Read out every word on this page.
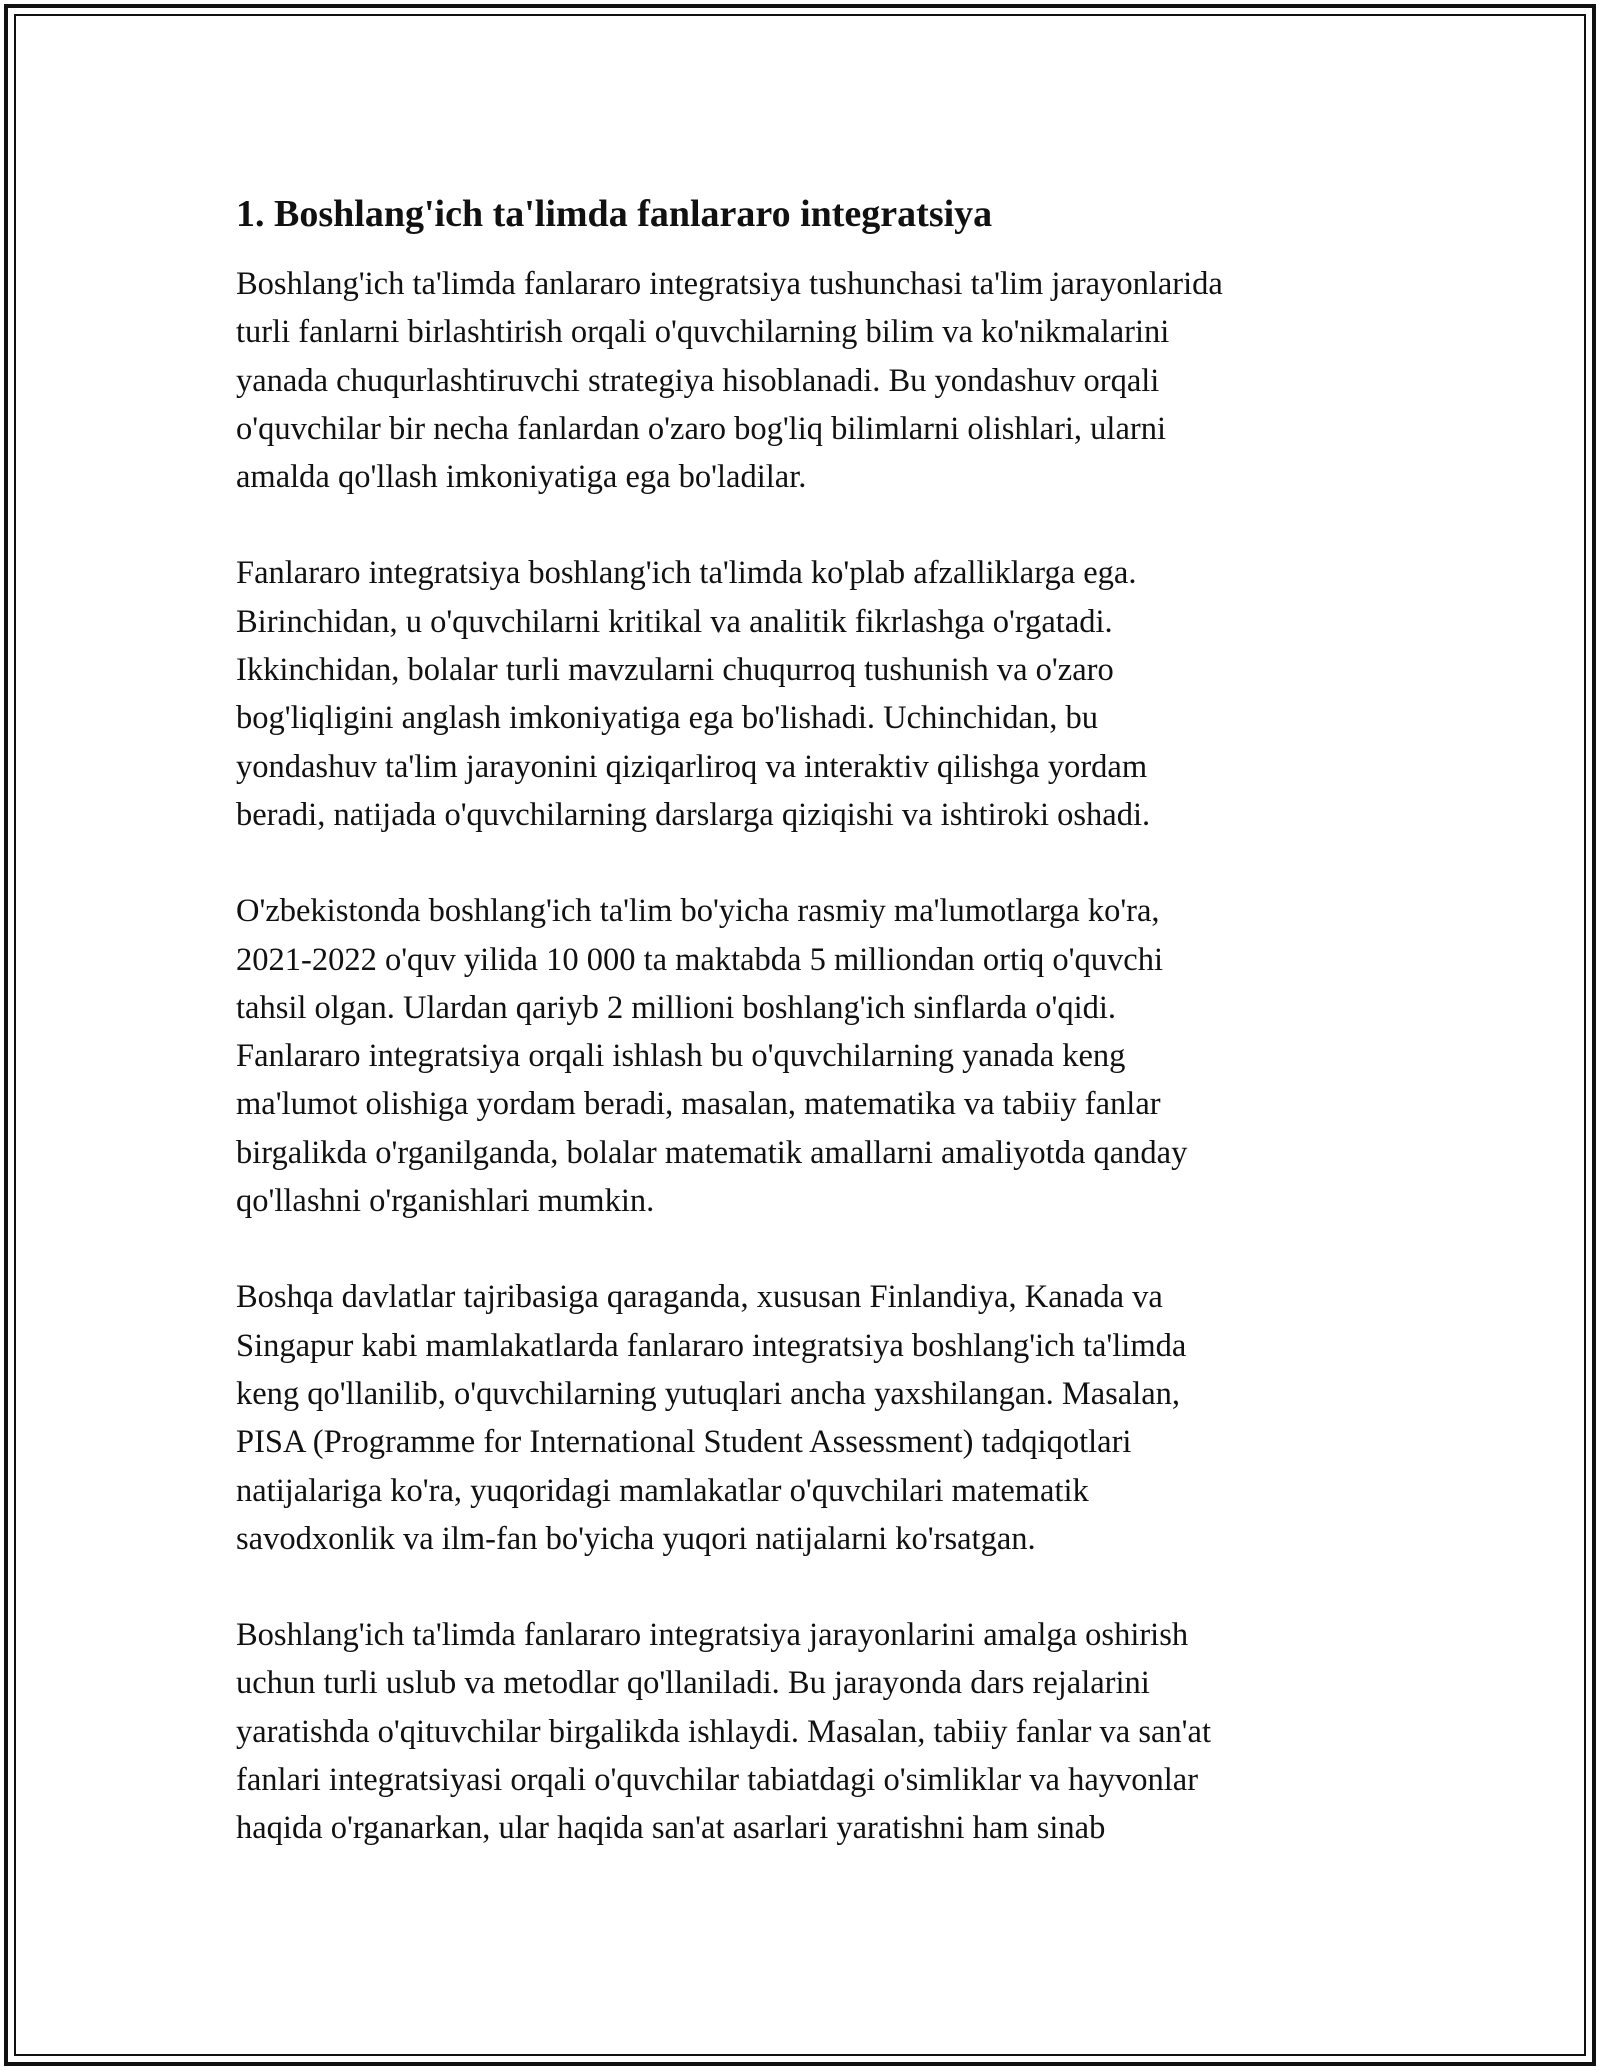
1. Boshlang'ich ta'limda fanlararo integratsiya

Boshlang'ich ta'limda fanlararo integratsiya tushunchasi ta'lim jarayonlarida
turli fanlarni birlashtirish orqali o'quvchilarning bilim va ko'nikmalarini
yanada chuqurlashtiruvchi strategiya hisoblanadi. Bu yondashuv orqali
o'quvchilar bir necha fanlardan o'zaro bog'liq bilimlarni olishlari, ularni
amalda qo'llash imkoniyatiga ega bo'ladilar.

Fanlararo integratsiya boshlang'ich ta'limda ko'plab afzalliklarga ega.
Birinchidan, u o'quvchilarni kritikal va analitik fikrlashga o'rgatadi.
Ikkinchidan, bolalar turli mavzularni chuqurroq tushunish va o'zaro
bog'liqligini anglash imkoniyatiga ega bo'lishadi. Uchinchidan, bu
yondashuv ta'lim jarayonini qiziqarliroq va interaktiv qilishga yordam
beradi, natijada o'quvchilarning darslarga qiziqishi va ishtiroki oshadi.

O'zbekistonda boshlang'ich ta'lim bo'yicha rasmiy ma'lumotlarga ko'ra,
2021-2022 o'quv yilida 10 000 ta maktabda 5 milliondan ortiq o'quvchi
tahsil olgan. Ulardan qariyb 2 millioni boshlang'ich sinflarda o'qidi.
Fanlararo integratsiya orqali ishlash bu o'quvchilarning yanada keng
ma'lumot olishiga yordam beradi, masalan, matematika va tabiiy fanlar
birgalikda o'rganilganda, bolalar matematik amallarni amaliyotda qanday
qo'llashni o'rganishlari mumkin.

Boshqa davlatlar tajribasiga qaraganda, xususan Finlandiya, Kanada va
Singapur kabi mamlakatlarda fanlararo integratsiya boshlang'ich ta'limda
keng qo'llanilib, o'quvchilarning yutuqlari ancha yaxshilangan. Masalan,
PISA (Programme for International Student Assessment) tadqiqotlari
natijalariga ko'ra, yuqoridagi mamlakatlar o'quvchilari matematik
savodxonlik va ilm-fan bo'yicha yuqori natijalarni ko'rsatgan.

Boshlang'ich ta'limda fanlararo integratsiya jarayonlarini amalga oshirish
uchun turli uslub va metodlar qo'llaniladi. Bu jarayonda dars rejalarini
yaratishda o'qituvchilar birgalikda ishlaydi. Masalan, tabiiy fanlar va san'at
fanlari integratsiyasi orqali o'quvchilar tabiatdagi o'simliklar va hayvonlar
haqida o'rganarkan, ular haqida san'at asarlari yaratishni ham sinab
